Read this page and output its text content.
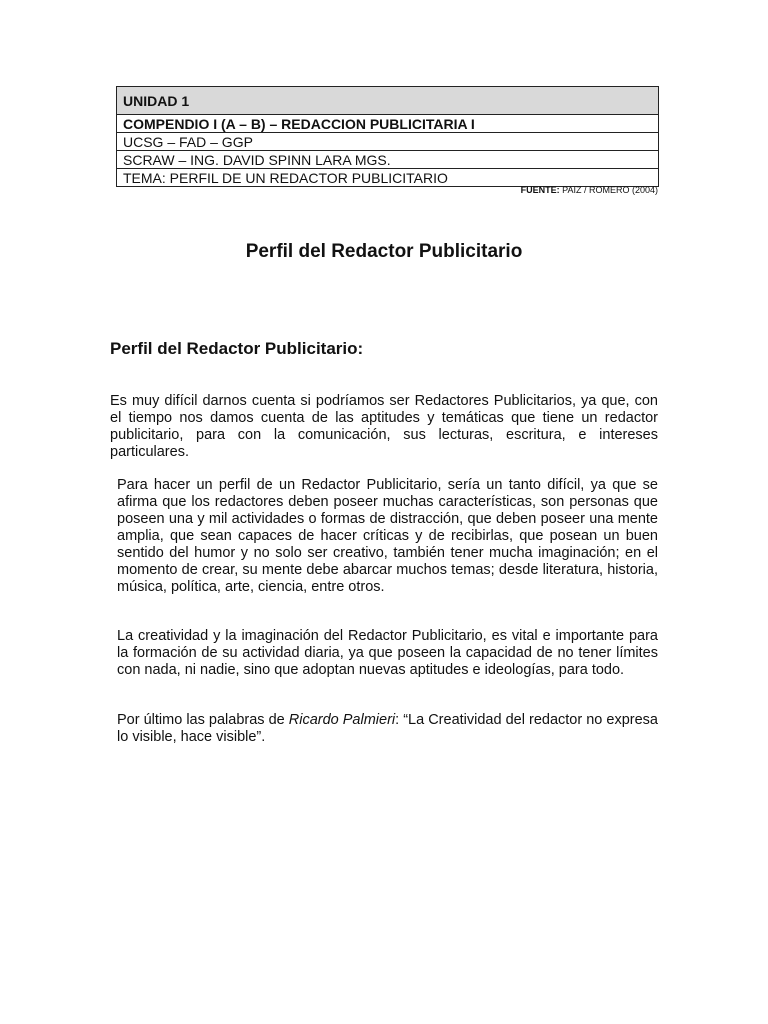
UNIDAD 1
COMPENDIO I (A – B) – REDACCION PUBLICITARIA I
UCSG – FAD – GGP
SCRAW – ING. DAVID SPINN LARA MGS.
TEMA: PERFIL DE UN REDACTOR PUBLICITARIO
FUENTE: PAIZ / ROMERO (2004)
Perfil del Redactor Publicitario
Perfil del Redactor Publicitario:

Es muy difícil darnos cuenta si podríamos ser Redactores Publicitarios, ya que, con el tiempo nos damos cuenta de las aptitudes y temáticas que tiene un redactor publicitario, para con la comunicación, sus lecturas, escritura, e intereses particulares.

Para hacer un perfil de un Redactor Publicitario, sería un tanto difícil, ya que se afirma que los redactores deben poseer muchas características, son personas que poseen una y mil actividades o formas de distracción, que deben poseer una mente amplia, que sean capaces de hacer críticas y de recibirlas, que posean un buen sentido del humor y no solo ser creativo, también tener mucha imaginación; en el momento de crear, su mente debe abarcar muchos temas; desde literatura, historia, música, política, arte, ciencia, entre otros.

La creatividad y la imaginación del Redactor Publicitario, es vital e importante para la formación de su actividad diaria, ya que poseen la capacidad de no tener límites con nada, ni nadie, sino que adoptan nuevas aptitudes e ideologías, para todo.

Por último las palabras de Ricardo Palmieri: “La Creatividad del redactor no expresa lo visible, hace visible”.
